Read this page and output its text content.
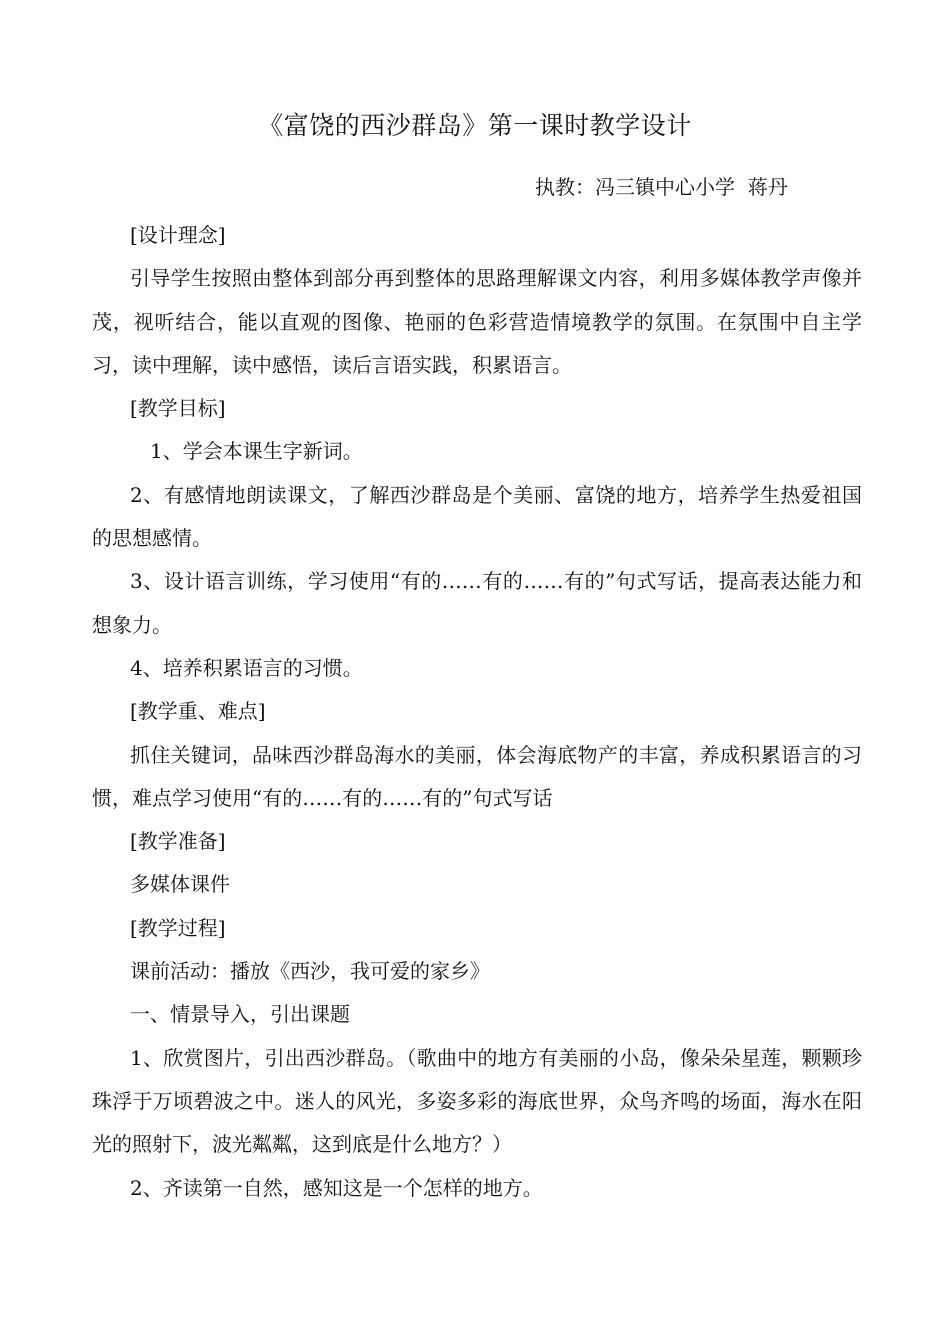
《富饶的西沙群岛》第一课时教学设计
执教：冯三镇中心小学  蒋丹

[设计理念]

引导学生按照由整体到部分再到整体的思路理解课文内容，利用多媒体教学声像并茂，视听结合，能以直观的图像、艳丽的色彩营造情境教学的氛围。在氛围中自主学习，读中理解，读中感悟，读后言语实践，积累语言。

[教学目标]

1、学会本课生字新词。

2、有感情地朗读课文，了解西沙群岛是个美丽、富饶的地方，培养学生热爱祖国的思想感情。

3、设计语言训练，学习使用“有的……有的……有的”句式写话，提高表达能力和想象力。

4、培养积累语言的习惯。

[教学重、难点]

抓住关键词，品味西沙群岛海水的美丽，体会海底物产的丰富，养成积累语言的习惯，难点学习使用“有的……有的……有的”句式写话

[教学准备]

多媒体课件

[教学过程]

课前活动：播放《西沙，我可爱的家乡》

一、情景导入，引出课题

1、欣赏图片，引出西沙群岛。（歌曲中的地方有美丽的小岛，像朵朵星莲，颗颗珍珠浮于万顷碧波之中。迷人的风光，多姿多彩的海底世界，众鸟齐鸣的场面，海水在阳光的照射下，波光粼粼，这到底是什么地方？）

2、齐读第一自然，感知这是一个怎样的地方。
